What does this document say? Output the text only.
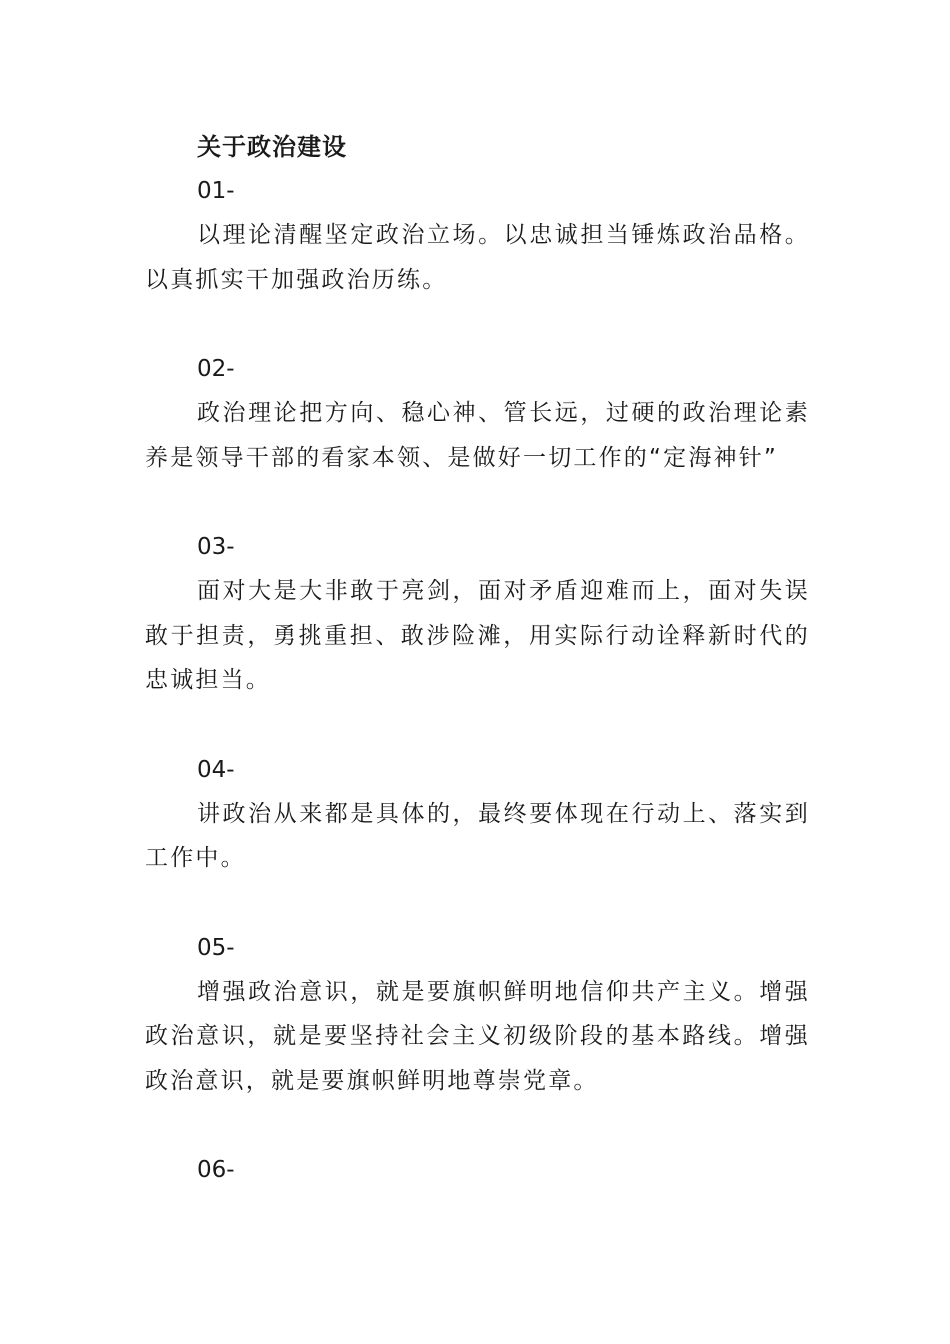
关于政治建设
01-

以理论清醒坚定政治立场。以忠诚担当锤炼政治品格。以真抓实干加强政治历练。

02-

政治理论把方向、稳心神、管长远，过硬的政治理论素养是领导干部的看家本领、是做好一切工作的“定海神针”

03-

面对大是大非敢于亮剑，面对矛盾迎难而上，面对失误敢于担责，勇挑重担、敢涉险滩，用实际行动诠释新时代的忠诚担当。

04-

讲政治从来都是具体的，最终要体现在行动上、落实到工作中。

05-

增强政治意识，就是要旗帜鲜明地信仰共产主义。增强政治意识，就是要坚持社会主义初级阶段的基本路线。增强政治意识，就是要旗帜鲜明地尊崇党章。

06-
